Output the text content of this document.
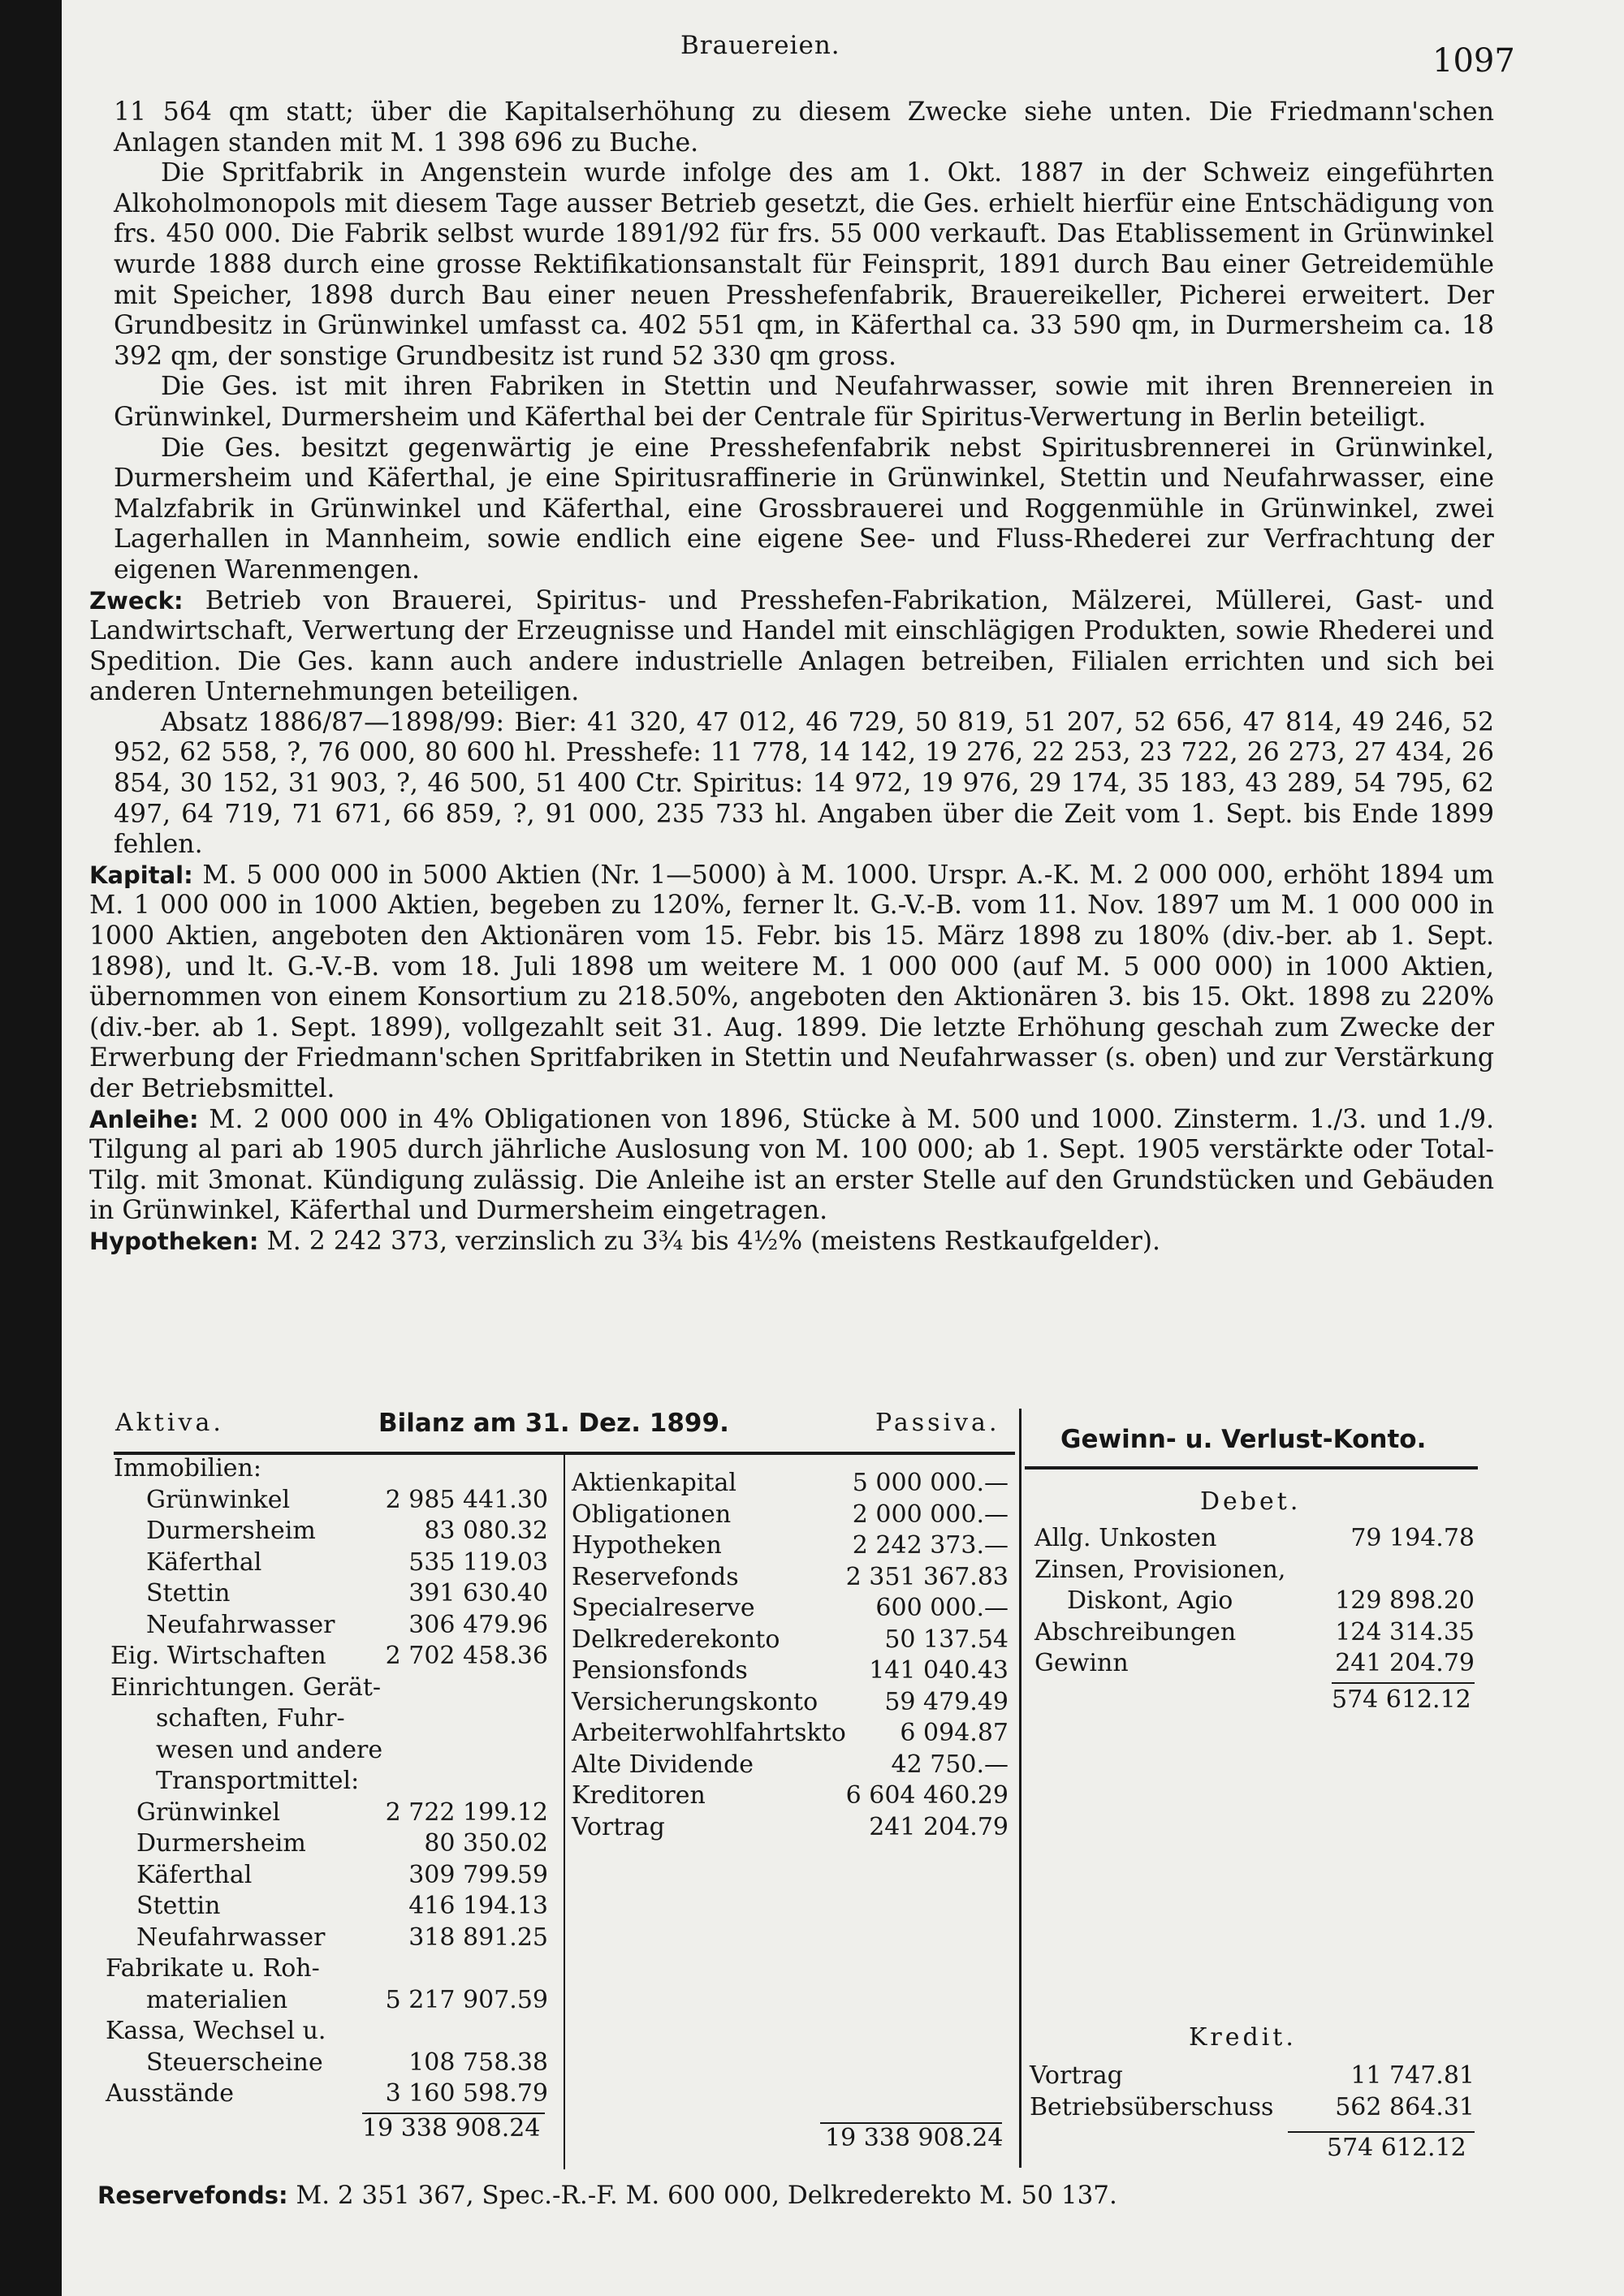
Brauereien.	1097

11 564 qm statt; über die Kapitalserhöhung zu diesem Zwecke siehe unten. Die Friedmann'schen Anlagen standen mit M. 1 398 696 zu Buche.

Die Spritfabrik in Angenstein wurde infolge des am 1. Okt. 1887 in der Schweiz eingeführten Alkoholmonopols mit diesem Tage ausser Betrieb gesetzt, die Ges. erhielt hierfür eine Entschädigung von frs. 450 000. Die Fabrik selbst wurde 1891/92 für frs. 55 000 verkauft. Das Etablissement in Grünwinkel wurde 1888 durch eine grosse Rektifikationsanstalt für Feinsprit, 1891 durch Bau einer Getreidemühle mit Speicher, 1898 durch Bau einer neuen Presshefenfabrik, Brauereikeller, Picherei erweitert. Der Grundbesitz in Grünwinkel umfasst ca. 402 551 qm, in Käferthal ca. 33 590 qm, in Durmersheim ca. 18 392 qm, der sonstige Grundbesitz ist rund 52 330 qm gross.

Die Ges. ist mit ihren Fabriken in Stettin und Neufahrwasser, sowie mit ihren Brennereien in Grünwinkel, Durmersheim und Käferthal bei der Centrale für Spiritus-Verwertung in Berlin beteiligt.

Die Ges. besitzt gegenwärtig je eine Presshefenfabrik nebst Spiritusbrennerei in Grünwinkel, Durmersheim und Käferthal, je eine Spiritusraffinerie in Grünwinkel, Stettin und Neufahrwasser, eine Malzfabrik in Grünwinkel und Käferthal, eine Grossbrauerei und Roggenmühle in Grünwinkel, zwei Lagerhallen in Mannheim, sowie endlich eine eigene See- und Fluss-Rhederei zur Verfrachtung der eigenen Warenmengen.

Zweck: Betrieb von Brauerei, Spiritus- und Presshefen-Fabrikation, Mälzerei, Müllerei, Gast- und Landwirtschaft, Verwertung der Erzeugnisse und Handel mit einschlägigen Produkten, sowie Rhederei und Spedition. Die Ges. kann auch andere industrielle Anlagen betreiben, Filialen errichten und sich bei anderen Unternehmungen beteiligen.

Absatz 1886/87—1898/99: Bier: 41 320, 47 012, 46 729, 50 819, 51 207, 52 656, 47 814, 49 246, 52 952, 62 558, ?, 76 000, 80 600 hl. Presshefe: 11 778, 14 142, 19 276, 22 253, 23 722, 26 273, 27 434, 26 854, 30 152, 31 903, ?, 46 500, 51 400 Ctr. Spiritus: 14 972, 19 976, 29 174, 35 183, 43 289, 54 795, 62 497, 64 719, 71 671, 66 859, ?, 91 000, 235 733 hl. Angaben über die Zeit vom 1. Sept. bis Ende 1899 fehlen.

Kapital: M. 5 000 000 in 5000 Aktien (Nr. 1—5000) à M. 1000. Urspr. A.-K. M. 2 000 000, erhöht 1894 um M. 1 000 000 in 1000 Aktien, begeben zu 120%, ferner lt. G.-V.-B. vom 11. Nov. 1897 um M. 1 000 000 in 1000 Aktien, angeboten den Aktionären vom 15. Febr. bis 15. März 1898 zu 180% (div.-ber. ab 1. Sept. 1898), und lt. G.-V.-B. vom 18. Juli 1898 um weitere M. 1 000 000 (auf M. 5 000 000) in 1000 Aktien, übernommen von einem Konsortium zu 218.50%, angeboten den Aktionären 3. bis 15. Okt. 1898 zu 220% (div.-ber. ab 1. Sept. 1899), vollgezahlt seit 31. Aug. 1899. Die letzte Erhöhung geschah zum Zwecke der Erwerbung der Friedmann'schen Spritfabriken in Stettin und Neufahrwasser (s. oben) und zur Verstärkung der Betriebsmittel.

Anleihe: M. 2 000 000 in 4% Obligationen von 1896, Stücke à M. 500 und 1000. Zinsterm. 1./3. und 1./9. Tilgung al pari ab 1905 durch jährliche Auslosung von M. 100 000; ab 1. Sept. 1905 verstärkte oder Total-Tilg. mit 3monat. Kündigung zulässig. Die Anleihe ist an erster Stelle auf den Grundstücken und Gebäuden in Grünwinkel, Käferthal und Durmersheim eingetragen.

Hypotheken: M. 2 242 373, verzinslich zu 3¾ bis 4½% (meistens Restkaufgelder).

Aktiva.	Bilanz am 31. Dez. 1899.	Passiva.
Immobilien:
Grünwinkel	2 985 441.30
Durmersheim	83 080.32
Käferthal	535 119.03
Stettin	391 630.40
Neufahrwasser	306 479.96
Eig. Wirtschaften 2 702 458.36
Einrichtungen. Gerät-
schaften, Fuhr-
wesen und andere
Transportmittel:
Grünwinkel	2 722 199.12
Durmersheim	80 350.02
Käferthal	309 799.59
Stettin	416 194.13
Neufahrwasser	318 891.25
Fabrikate u. Roh-
materialien	5 217 907.59
Kassa, Wechsel u.
Steuerscheine	108 758.38
Ausstände	3 160 598.79
19 338 908.24
Aktienkapital	5 000 000.—
Obligationen	2 000 000.—
Hypotheken	2 242 373.—
Reservefonds	2 351 367.83
Specialreserve	600 000.—
Delkrederekonto	50 137.54
Pensionsfonds	141 040.43
Versicherungskonto	59 479.49
Arbeiterwohlfahrtskto 6 094.87
Alte Dividende	42 750.—
Kreditoren	6 604 460.29
Vortrag	241 204.79
19 338 908.24
Gewinn- u. Verlust-Konto.
Debet.
Allg. Unkosten	79 194.78
Zinsen, Provisionen,
Diskont, Agio	129 898.20
Abschreibungen	124 314.35
Gewinn	241 204.79
574 612.12
Kredit.
Vortrag	11 747.81
Betriebsüberschuss	562 864.31
574 612.12
Reservefonds: M. 2 351 367, Spec.-R.-F. M. 600 000, Delkrederekto M. 50 137.
